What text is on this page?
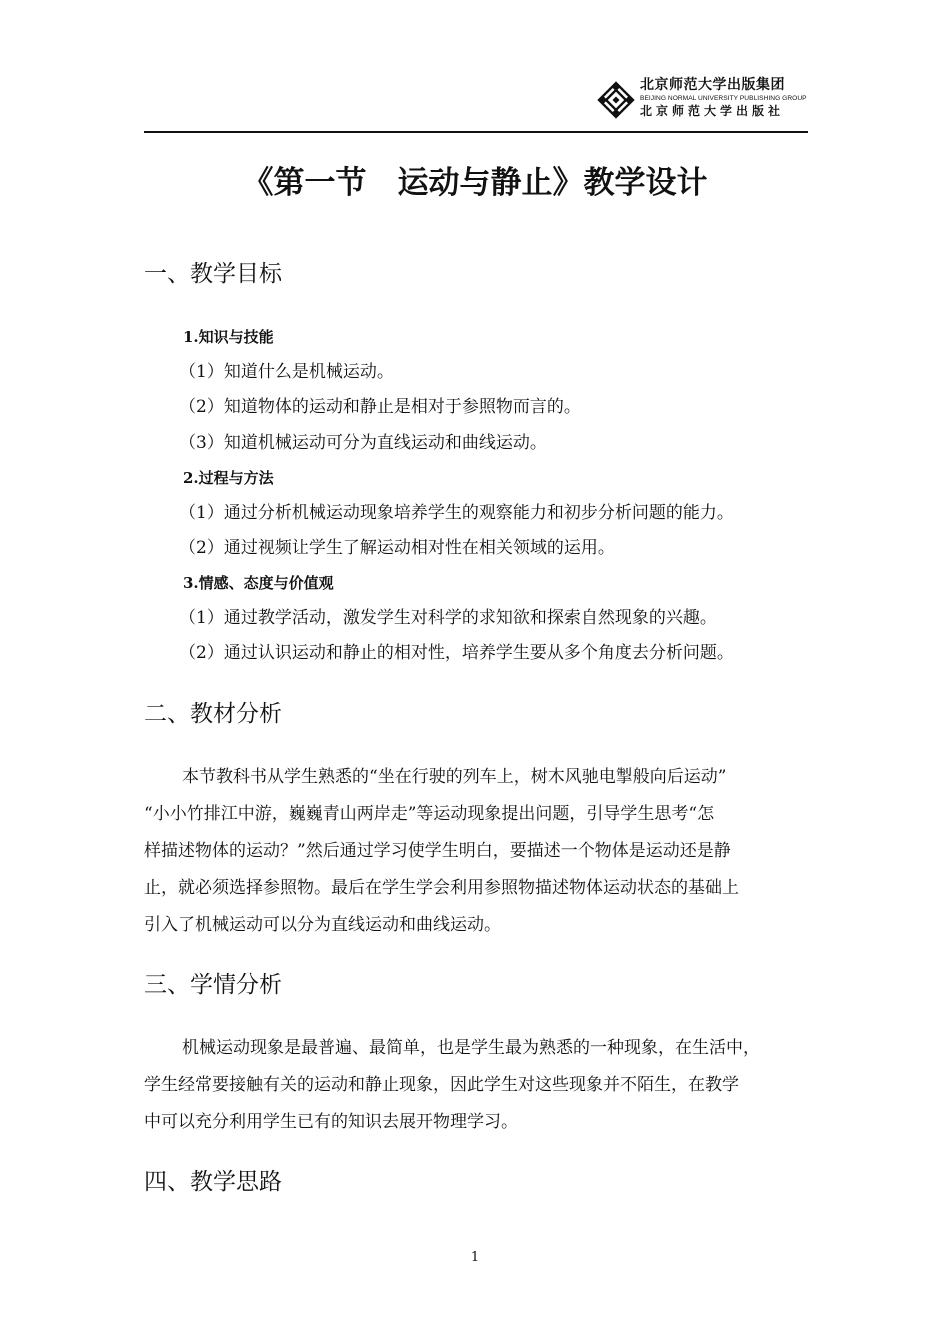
北京师范大学出版集团
BEIJING NORMAL UNIVERSITY PUBLISHING GROUP
北京师范大学出版社
《第一节　运动与静止》教学设计
一、教学目标
1.知识与技能
（1）知道什么是机械运动。
（2）知道物体的运动和静止是相对于参照物而言的。
（3）知道机械运动可分为直线运动和曲线运动。
2.过程与方法
（1）通过分析机械运动现象培养学生的观察能力和初步分析问题的能力。
（2）通过视频让学生了解运动相对性在相关领域的运用。
3.情感、态度与价值观
（1）通过教学活动，激发学生对科学的求知欲和探索自然现象的兴趣。
（2）通过认识运动和静止的相对性，培养学生要从多个角度去分析问题。
二、教材分析
本节教科书从学生熟悉的“坐在行驶的列车上，树木风驰电掣般向后运动”
“小小竹排江中游，巍巍青山两岸走”等运动现象提出问题，引导学生思考“怎
样描述物体的运动？”然后通过学习使学生明白，要描述一个物体是运动还是静
止，就必须选择参照物。最后在学生学会利用参照物描述物体运动状态的基础上
引入了机械运动可以分为直线运动和曲线运动。
三、学情分析
机械运动现象是最普遍、最简单，也是学生最为熟悉的一种现象，在生活中，
学生经常要接触有关的运动和静止现象，因此学生对这些现象并不陌生，在教学
中可以充分利用学生已有的知识去展开物理学习。
四、教学思路
1
